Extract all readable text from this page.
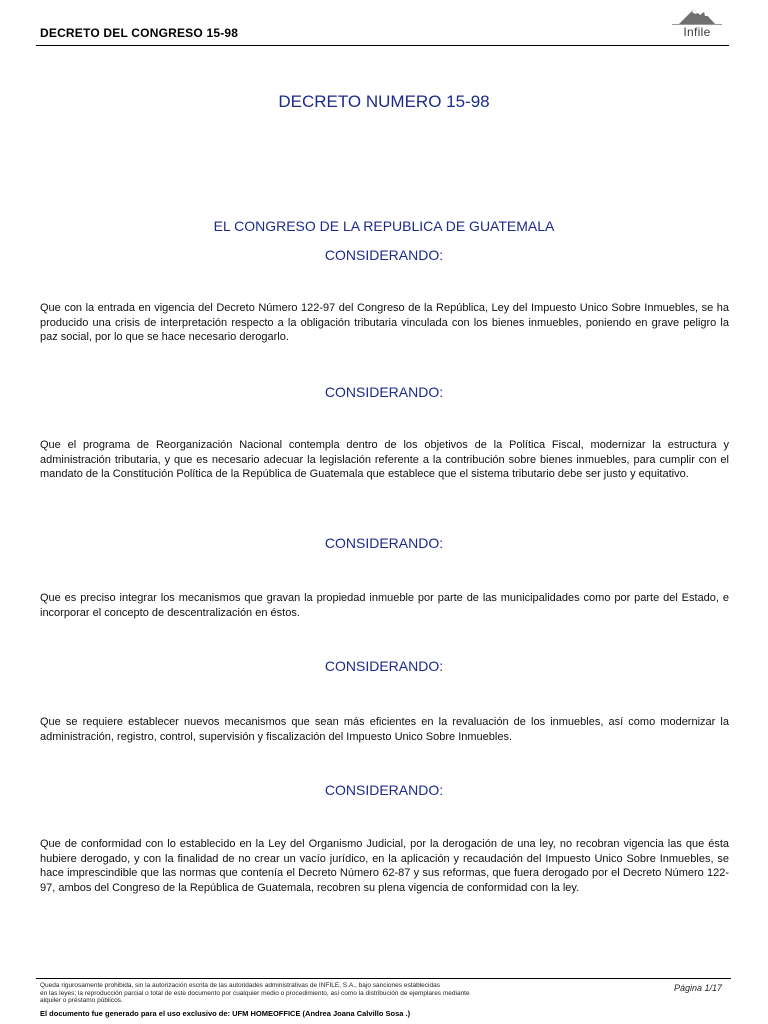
DECRETO DEL CONGRESO 15-98	Infile
DECRETO NUMERO 15-98
EL CONGRESO DE LA REPUBLICA DE GUATEMALA
CONSIDERANDO:
Que con la entrada en vigencia del Decreto Número 122-97 del Congreso de la República, Ley del Impuesto Unico Sobre Inmuebles, se ha producido una crisis de interpretación respecto a la obligación tributaria vinculada con los bienes inmuebles, poniendo en grave peligro la paz social, por lo que se hace necesario derogarlo.
CONSIDERANDO:
Que el programa de Reorganización Nacional contempla dentro de los objetivos de la Política Fiscal, modernizar la estructura y administración tributaria, y que es necesario adecuar la legislación referente a la contribución sobre bienes inmuebles, para cumplir con el mandato de la Constitución Política de la República de Guatemala que establece que el sistema tributario debe ser justo y equitativo.
CONSIDERANDO:
Que es preciso integrar los mecanismos que gravan la propiedad inmueble por parte de las municipalidades como por parte del Estado, e incorporar el concepto de descentralización en éstos.
CONSIDERANDO:
Que se requiere establecer nuevos mecanismos que sean más eficientes en la revaluación de los inmuebles, así como modernizar la administración, registro, control, supervisión y fiscalización del Impuesto Unico Sobre Inmuebles.
CONSIDERANDO:
Que de conformidad con lo establecido en la Ley del Organismo Judicial, por la derogación de una ley, no recobran vigencia las que ésta hubiere derogado, y con la finalidad de no crear un vacío jurídico, en la aplicación y recaudación del Impuesto Unico Sobre Inmuebles, se hace imprescindible que las normas que contenía el Decreto Número 62-87 y sus reformas, que fuera derogado por el Decreto Número 122-97, ambos del Congreso de la República de Guatemala, recobren su plena vigencia de conformidad con la ley.
Queda rigurosamente prohibida, sin la autorización escrita de las autoridades administrativas de INFILE, S.A., bajo sanciones establecidas
en las leyes; la reproducción parcial o total de este documento por cualquier medio o procedimiento, así como la distribución de ejemplares mediante
alquiler o préstamo públicos.
Página 1/17
El documento fue generado para el uso exclusivo de: UFM HOMEOFFICE (Andrea Joana Calvillo Sosa .)
